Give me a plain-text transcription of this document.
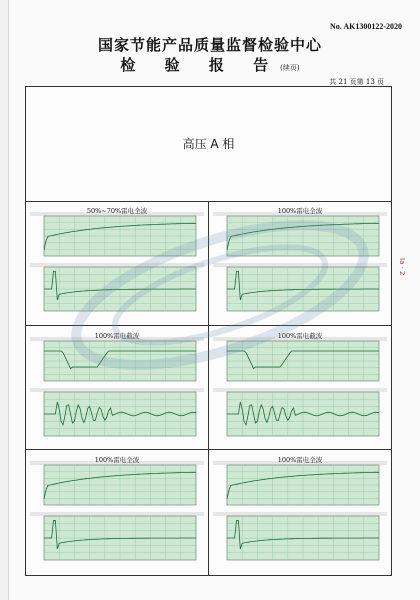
No. AK1300122-2020
国家节能产品质量监督检验中心
检 验 报 告(续页)
共 21 页第 13 页
Ia · 2
高压 A 相
50%~70%雷电全波	100%雷电全波
100%雷电截波	100%雷电截波
100%雷电全波	100%雷电全波
